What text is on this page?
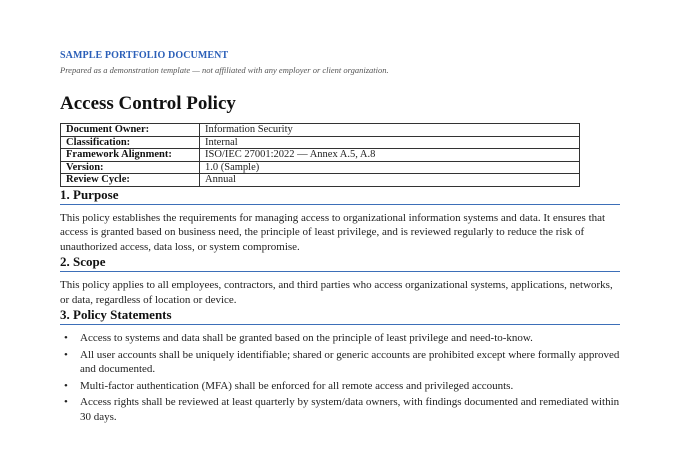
SAMPLE PORTFOLIO DOCUMENT
Prepared as a demonstration template — not affiliated with any employer or client organization.
Access Control Policy
Document Owner:	Information Security
Classification:	Internal
Framework Alignment:	ISO/IEC 27001:2022 — Annex A.5, A.8
Version:	1.0 (Sample)
Review Cycle:	Annual
1. Purpose

This policy establishes the requirements for managing access to organizational information systems and data. It ensures that access is granted based on business need, the principle of least privilege, and is reviewed regularly to reduce the risk of unauthorized access, data loss, or system compromise.

2. Scope

This policy applies to all employees, contractors, and third parties who access organizational systems, applications, networks, or data, regardless of location or device.

3. Policy Statements
• Access to systems and data shall be granted based on the principle of least privilege and need-to-know.
• All user accounts shall be uniquely identifiable; shared or generic accounts are prohibited except where formally approved and documented.
• Multi-factor authentication (MFA) shall be enforced for all remote access and privileged accounts.
• Access rights shall be reviewed at least quarterly by system/data owners, with findings documented and remediated within 30 days.
